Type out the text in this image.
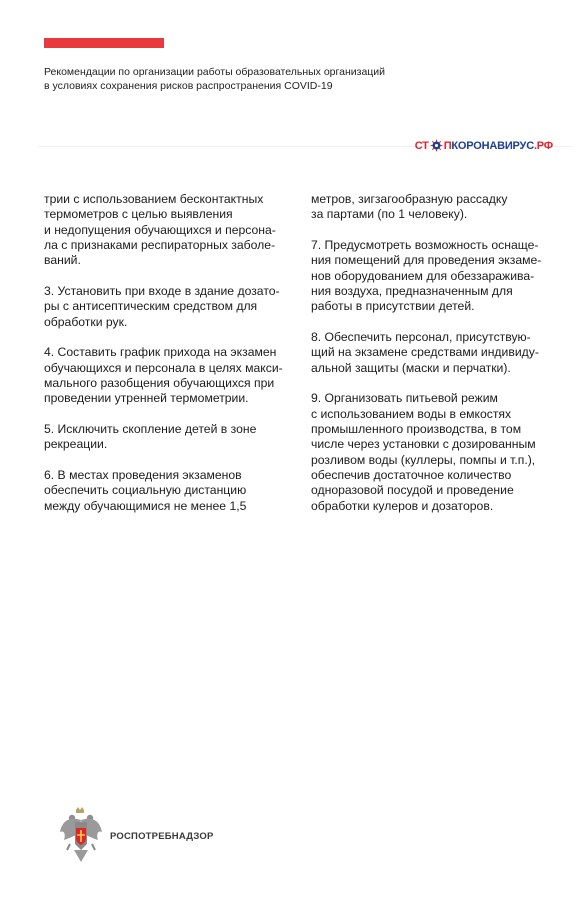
Рекомендации по организации работы образовательных организаций
в условиях сохранения рисков распространения COVID-19
СТ П КОРОНАВИРУС .РФ

трии с использованием бесконтактных
термометров с целью выявления
и недопущения обучающихся и персона-
ла с признаками респираторных заболе-
ваний.

3. Установить при входе в здание дозато-
ры с антисептическим средством для
обработки рук.

4. Составить график прихода на экзамен
обучающихся и персонала в целях макси-
мального разобщения обучающихся при
проведении утренней термометрии.

5. Исключить скопление детей в зоне
рекреации.

6. В местах проведения экзаменов
обеспечить социальную дистанцию
между обучающимися не менее 1,5

метров, зигзагообразную рассадку
за партами (по 1 человеку).

7. Предусмотреть возможность оснаще-
ния помещений для проведения экзаме-
нов оборудованием для обеззаражива-
ния воздуха, предназначенным для
работы в присутствии детей.

8. Обеспечить персонал, присутствую-
щий на экзамене средствами индивиду-
альной защиты (маски и перчатки).

9. Организовать питьевой режим
с использованием воды в емкостях
промышленного производства, в том
числе через установки с дозированным
розливом воды (куллеры, помпы и т.п.),
обеспечив достаточное количество
одноразовой посудой и проведение
обработки кулеров и дозаторов.

РОСПОТРЕБНАДЗОР
